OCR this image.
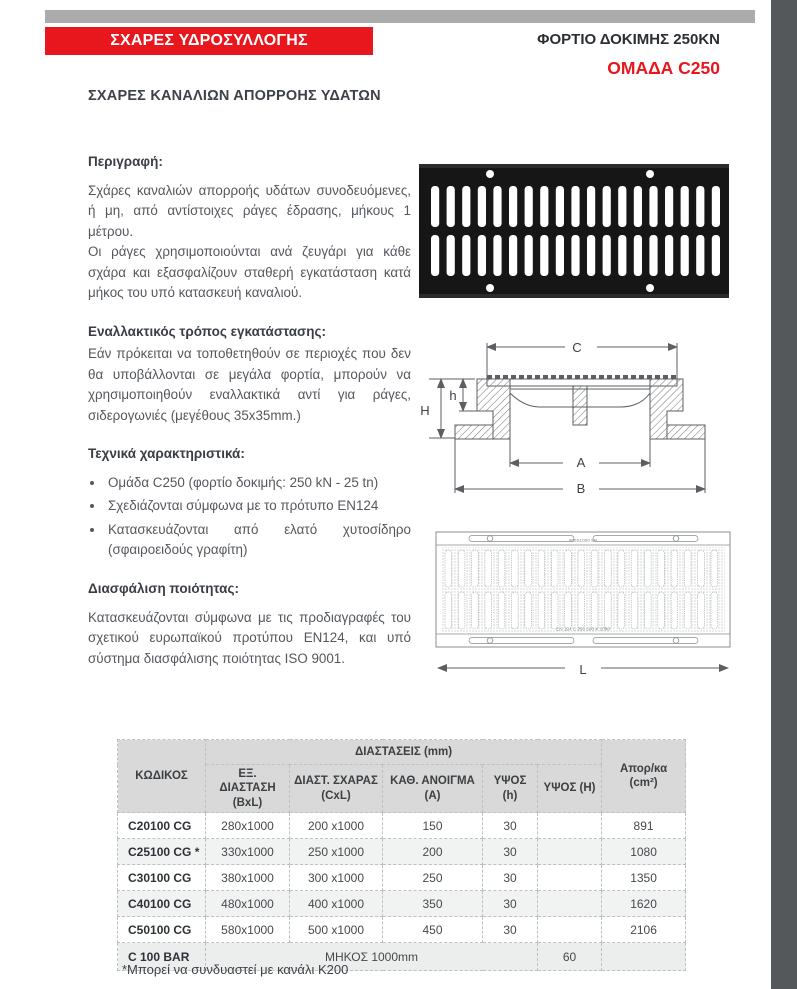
ΣΧΑΡΕΣ ΥΔΡΟΣΥΛΛΟΓΗΣ	ΦΟΡΤΙΟ ΔΟΚΙΜΗΣ 250KN
ΟΜΑΔΑ C250
ΣΧΑΡΕΣ ΚΑΝΑΛΙΩΝ ΑΠΟΡΡΟΗΣ ΥΔΑΤΩΝ
Περιγραφή:

Σχάρες καναλιών απορροής υδάτων συνοδευόμενες, ή μη, από αντίστοιχες ράγες έδρασης, μήκους 1 μέτρου.

Οι ράγες χρησιμοποιούνται ανά ζευγάρι για κάθε σχάρα και εξασφαλίζουν σταθερή εγκατάσταση κατά μήκος του υπό κατασκευή καναλιού.

Εναλλακτικός τρόπος εγκατάστασης:

Εάν πρόκειται να τοποθετηθούν σε περιοχές που δεν θα υποβάλλονται σε μεγάλα φορτία, μπορούν να χρησιμοποιηθούν εναλλακτικά αντί για ράγες, σιδερογωνιές (μεγέθους 35x35mm.)

Τεχνικά χαρακτηριστικά:
• Ομάδα C250 (φορτίο δοκιμής: 250 kN - 25 tn)
• Σχεδιάζονται σύμφωνα με το πρότυπο EN124
• Κατασκευάζονται από ελατό χυτοσίδηρο (σφαιροειδούς γραφίτη)
Διασφάλιση ποιότητας:

Κατασκευάζονται σύμφωνα με τις προδιαγραφές του σχετικού ευρωπαϊκού προτύπου EN124, και υπό σύστημα διασφάλισης ποιότητας ISO 9001.

C
h
H
A
B
500X1000 SB
EN 124 C 250 500 X 1000
L
ΚΩΔΙΚΟΣ	ΔΙΑΣΤΑΣΕΙΣ (mm)					Απορ/κα (cm²)
	ΕΞ. ΔΙΑΣΤΑΣΗ (BxL)	ΔΙΑΣΤ. ΣΧΑΡΑΣ (CxL)	ΚΑΘ. ΑΝΟΙΓΜΑ (A)	ΥΨΟΣ (h)	ΥΨΟΣ (H)	
C20100 CG	280x1000	200 x1000	150	30		891
C25100 CG *	330x1000	250 x1000	200	30		1080
C30100 CG	380x1000	300 x1000	250	30		1350
C40100 CG	480x1000	400 x1000	350	30		1620
C50100 CG	580x1000	500 x1000	450	30		2106
C 100 BAR	ΜΗΚΟΣ 1000mm				60	
*Μπορεί να συνδυαστεί με κανάλι Κ200
